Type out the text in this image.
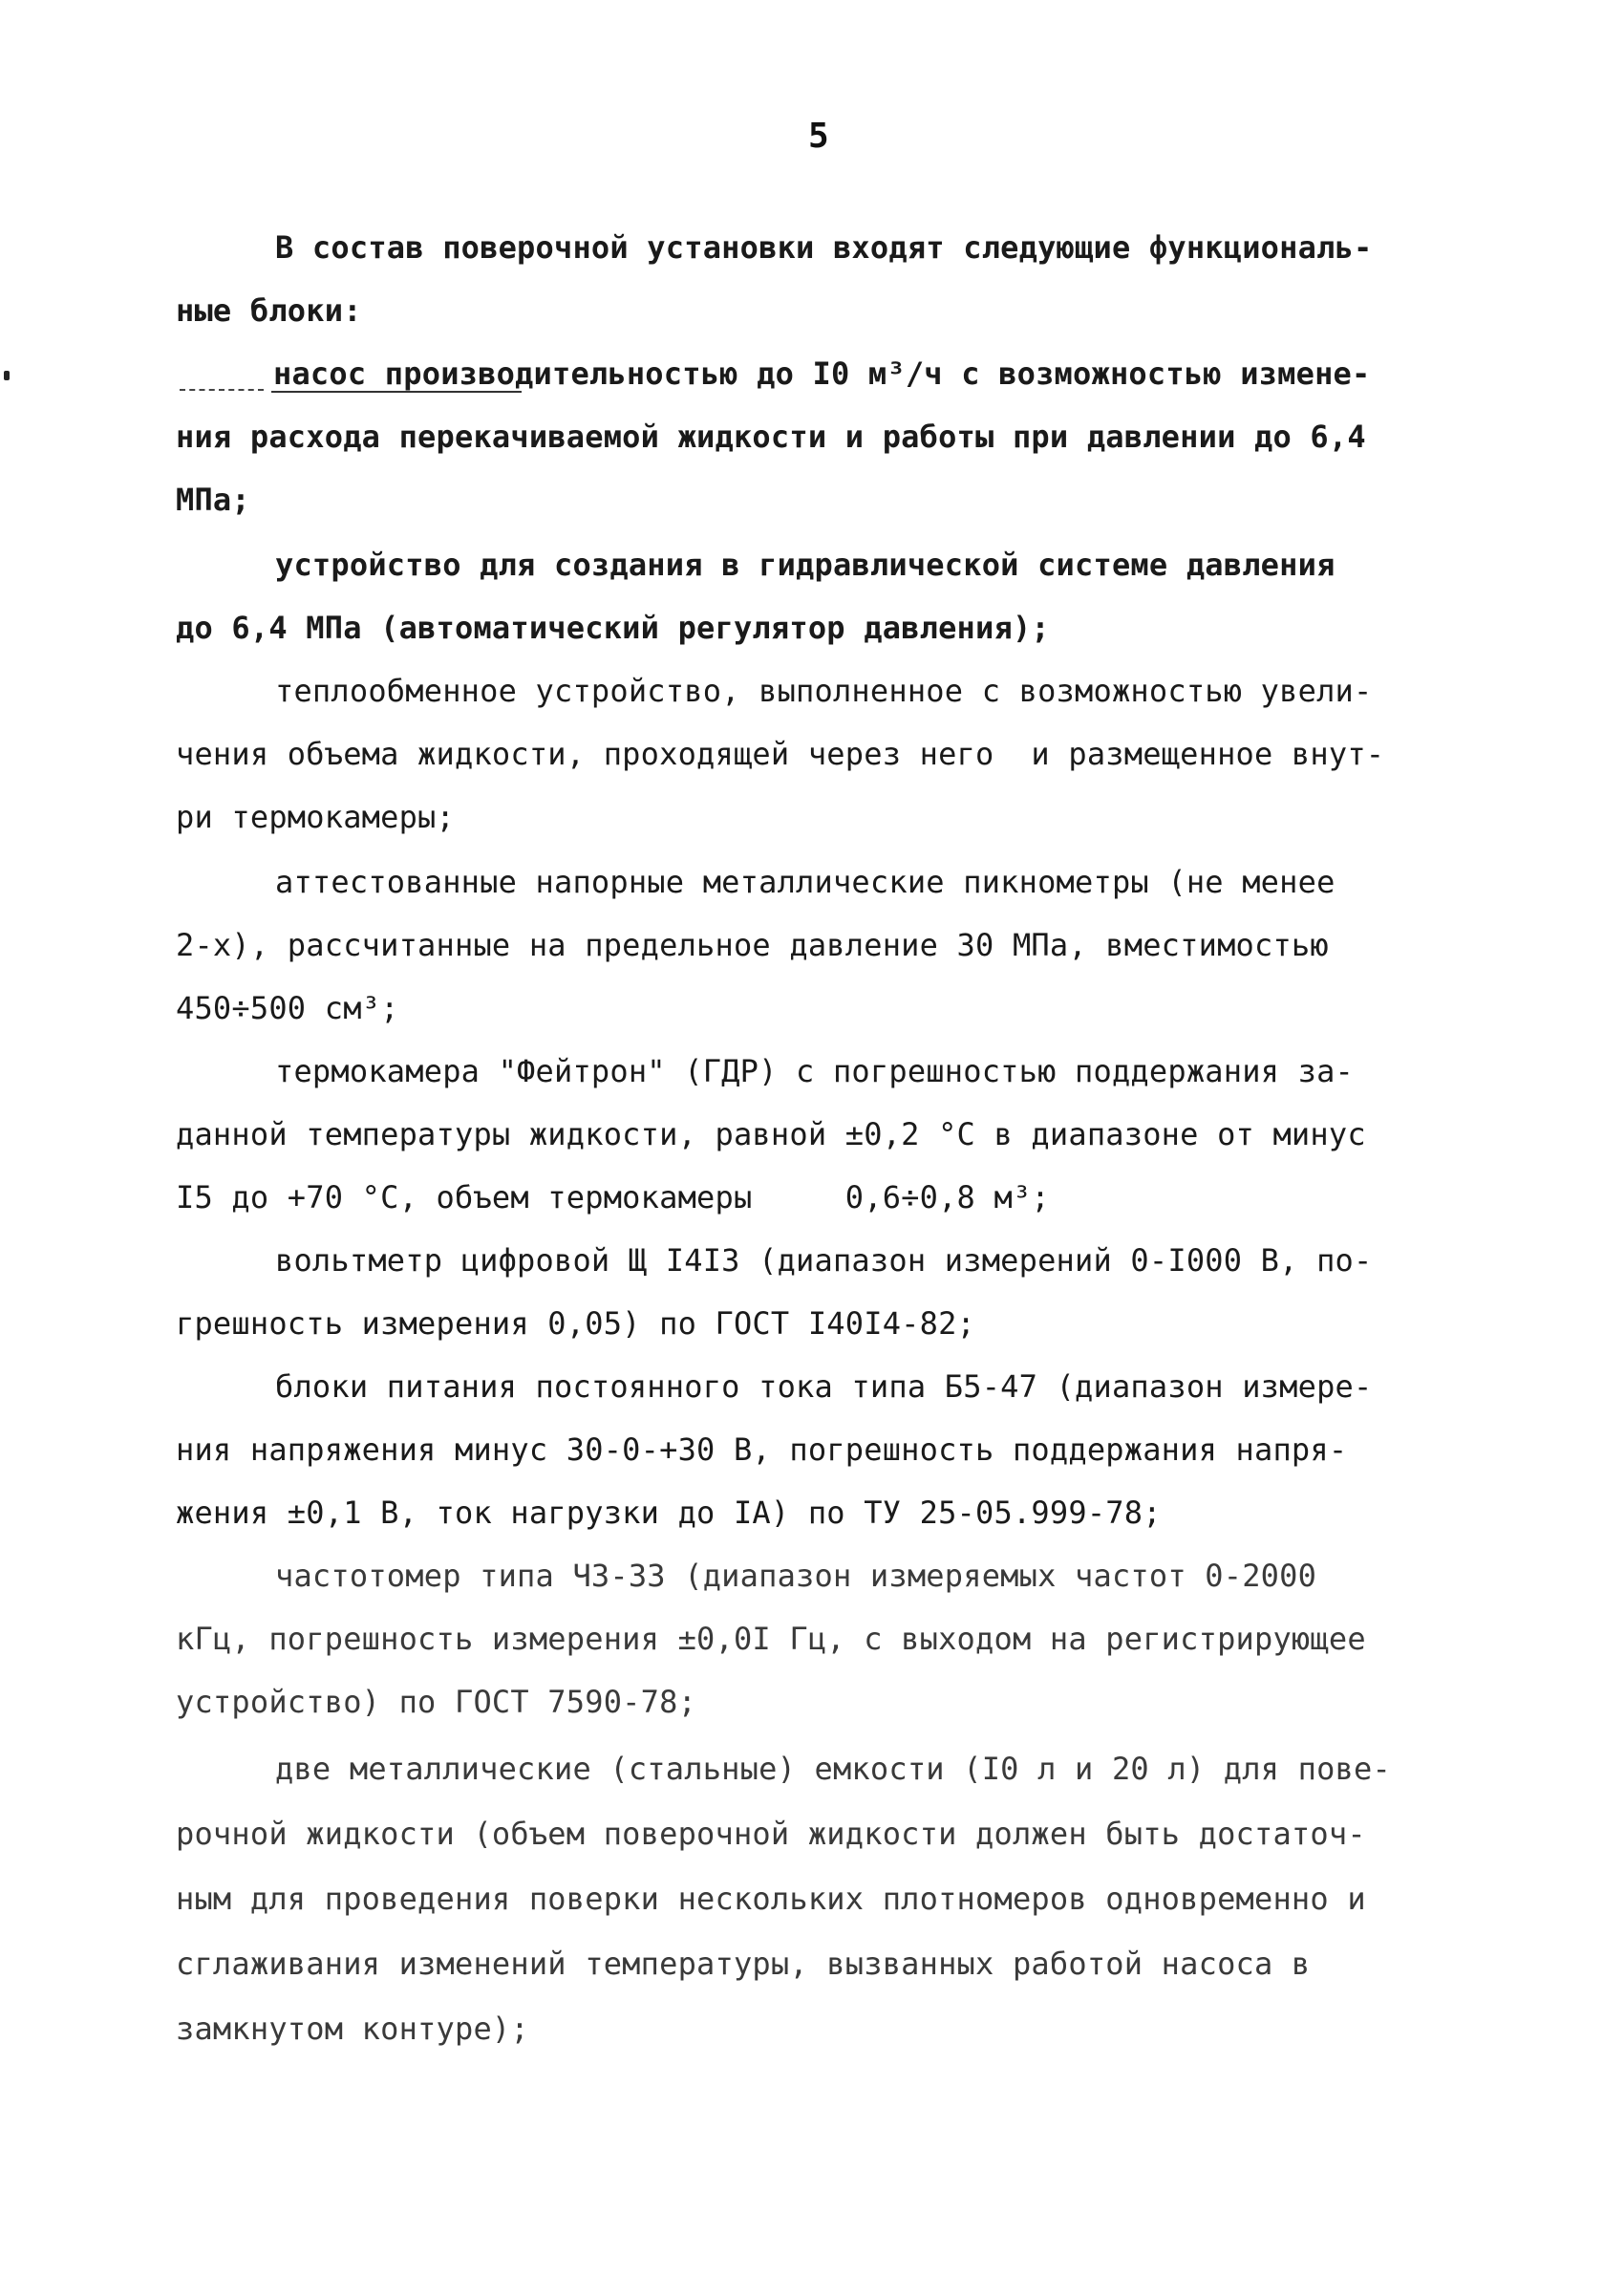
5
В состав поверочной установки входят следующие функциональ-
ные блоки:
насос производительностью до I0 м³/ч с возможностью измене-
ния расхода перекачиваемой жидкости и работы при давлении до 6,4
МПа;
устройство для создания в гидравлической системе давления
до 6,4 МПа (автоматический регулятор давления);
теплообменное устройство, выполненное с возможностью увели-
чения объема жидкости, проходящей через него  и размещенное внут-
ри термокамеры;
аттестованные напорные металлические пикнометры (не менее
2-х), рассчитанные на предельное давление 30 МПа, вместимостью
450÷500 см³;
термокамера "Фейтрон" (ГДР) с погрешностью поддержания за-
данной температуры жидкости, равной ±0,2 °С в диапазоне от минус
I5 до +70 °С, объем термокамеры     0,6÷0,8 м³;
вольтметр цифровой Щ I4I3 (диапазон измерений 0-I000 В, по-
грешность измерения 0,05) по ГОСТ I40I4-82;
блоки питания постоянного тока типа Б5-47 (диапазон измере-
ния напряжения минус 30-0-+30 В, погрешность поддержания напря-
жения ±0,1 В, ток нагрузки до IА) по ТУ 25-05.999-78;
частотомер типа Ч3-33 (диапазон измеряемых частот 0-2000
кГц, погрешность измерения ±0,0I Гц, с выходом на регистрирующее
устройство) по ГОСТ 7590-78;
две металлические (стальные) емкости (I0 л и 20 л) для пове-
рочной жидкости (объем поверочной жидкости должен быть достаточ-
ным для проведения поверки нескольких плотномеров одновременно и
сглаживания изменений температуры, вызванных работой насоса в
замкнутом контуре);
